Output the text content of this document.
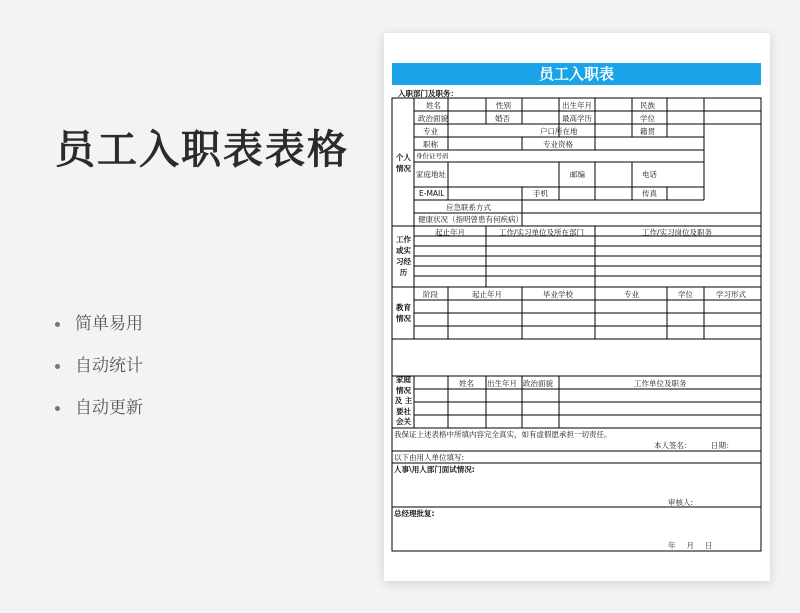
员工入职表表格
简单易用
自动统计
自动更新
员工入职表
入职部门及职务：
个人
情况
姓名	性别	出生年月	民族
政治面貌	婚否	最高学历	学位
专业	户口所在地	籍贯
职称	专业资格
身份证号码
家庭地址	邮编	电话
E-MAIL	手机	传真
应急联系方式
健康状况（指明曾患有何疾病）
工作
或实
习经
历
起止年月	工作/实习单位及所在部门	工作/实习岗位及职务
教育
情况
阶段	起止年月	毕业学校	专业	学位	学习形式
家庭
情况
及 主
要社
会关
姓名 出生年月 政治面貌	工作单位及职务
我保证上述表格中所填内容完全真实，如有虚假愿承担一切责任。
本人签名：	日期：
以下由用人单位填写:
人事\用人部门面试情况:
审核人:
总经理批复:
年 月 日
